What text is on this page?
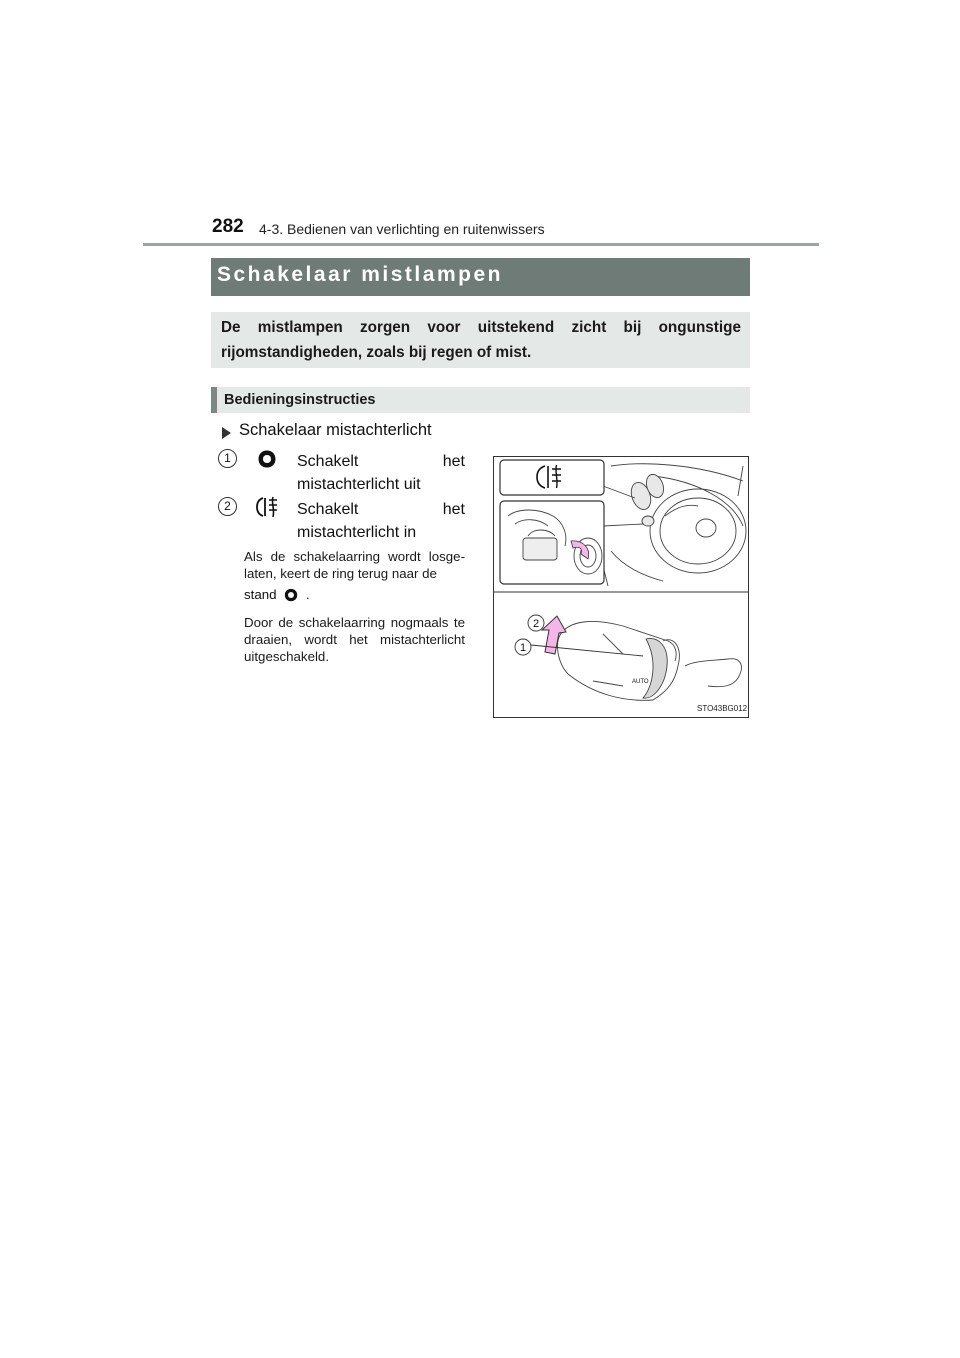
282 4-3. Bedienen van verlichting en ruitenwissers
Schakelaar mistlampen
De mistlampen zorgen voor uitstekend zicht bij ongunstige rijomstandigheden, zoals bij regen of mist.
Bedieningsinstructies
Schakelaar mistachterlicht
1	Schakelt het mistachterlicht uit
2	Schakelt het mistachterlicht in
Als de schakelaarring wordt losgelaten, keert de ring terug naar de
stand .
Door de schakelaarring nogmaals te draaien, wordt het mistachterlicht uitgeschakeld.
AUTO
2
1
STO43BG012
